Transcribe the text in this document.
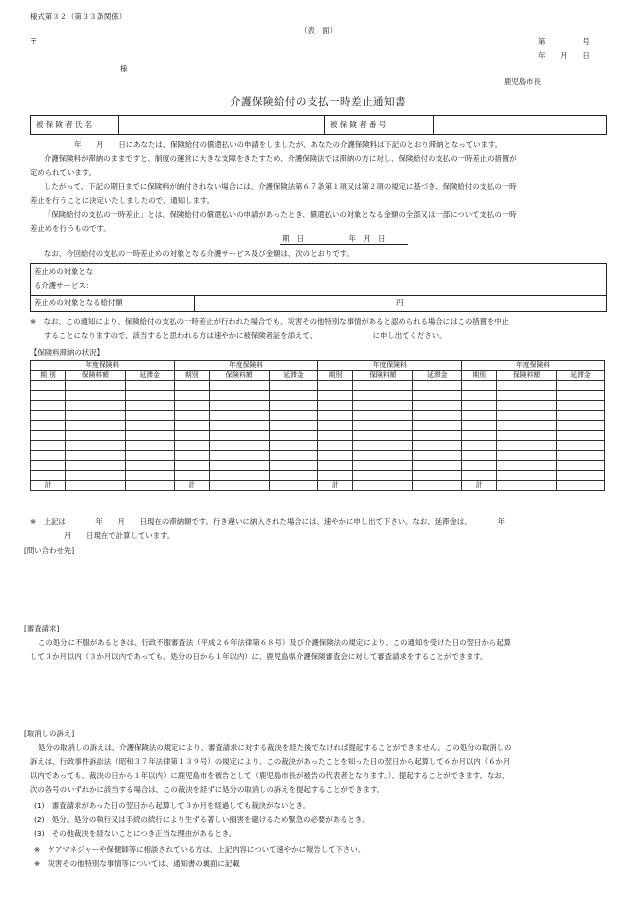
様式第３２（第３３条関係）
（表　面）
〒	第　　　　　号
年　　月　　日
様
鹿児島市長
介護保険給付の支払一時差止通知書
被 保 険 者 氏 名	被 保 険 者 番 号
年　　月　　日にあなたは、保険給付の償還払いの申請をしましたが、あなたの介護保険料は下記のとおり滞納となっています。
介護保険料が滞納のままですと、制度の運営に大きな支障をきたすため、介護保険法では滞納の方に対し、保険給付の支払の一時差止の措置が
定められています。
したがって、下記の期日までに保険料が納付されない場合には、介護保険法第６７条第１項又は第２項の規定に基づき、保険給付の支払の一時
差止を行うことに決定いたしましたので、通知します。
「保険給付の支払の一時差止」とは、保険給付の償還払いの申請があったとき、償還払いの対象となる金額の全部又は一部について支払の一時
差止めを行うものです。
期　日　　　　　　年　月　日
なお、今回給付の支払の一時差止めの対象となる介護サービス及び金額は、次のとおりです。
差止めの対象とな
る介護サービス：
差止めの対象となる給付額	円
※　なお、この通知により、保険給付の支払の一時差止が行われた場合でも、災害その他特別な事情があると認められる場合にはこの措置を中止
することになりますので、該当すると思われる方は速やかに被保険者証を添えて、　　　　　　　　に申し出てください。
【保険料滞納の状況】
年度保険料			年度保険料			年度保険料			年度保険料		
期 別	保険料額	延滞金	期別	保険料額	延滞金	期別	保険料額	延滞金	期別	保険料額	延滞金

計			計			計			計		
※　上記は　　　　年　　月　　日現在の滞納額です。行き違いに納入された場合には、速やかに申し出て下さい。なお、延滞金は、　　　　年
月　　日現在で計算しています。
[問い合わせ先]
[審査請求]
この処分に不服があるときは、行政不服審査法（平成２６年法律第６８号）及び介護保険法の規定により、この通知を受けた日の翌日から起算
して３か月以内（３か月以内であっても、処分の日から１年以内）に、鹿児島県介護保険審査会に対して審査請求をすることができます。
[取消しの訴え]
処分の取消しの訴えは、介護保険法の規定により、審査請求に対する裁決を経た後でなければ提起することができません。この処分の取消しの
訴えは、行政事件訴訟法（昭和３７年法律第１３９号）の規定により、この裁決があったことを知った日の翌日から起算して６か月以内（６か月
以内であっても、裁決の日から１年以内）に鹿児島市を被告として（鹿児島市長が被告の代表者となります。）、提起することができます。なお、
次の各号のいずれかに該当する場合は、この裁決を経ずに処分の取消しの訴えを提起することができます。
(1)　審査請求があった日の翌日から起算して３か月を経過しても裁決がないとき。
(2)　処分、処分の執行又は手続の続行により生ずる著しい損害を避けるため緊急の必要があるとき。
(3)　その他裁決を経ないことにつき正当な理由があるとき。
※　ケアマネジャーや保健師等に相談されている方は、上記内容について速やかに報告して下さい。
※　災害その他特別な事情等については、通知書の裏面に記載
